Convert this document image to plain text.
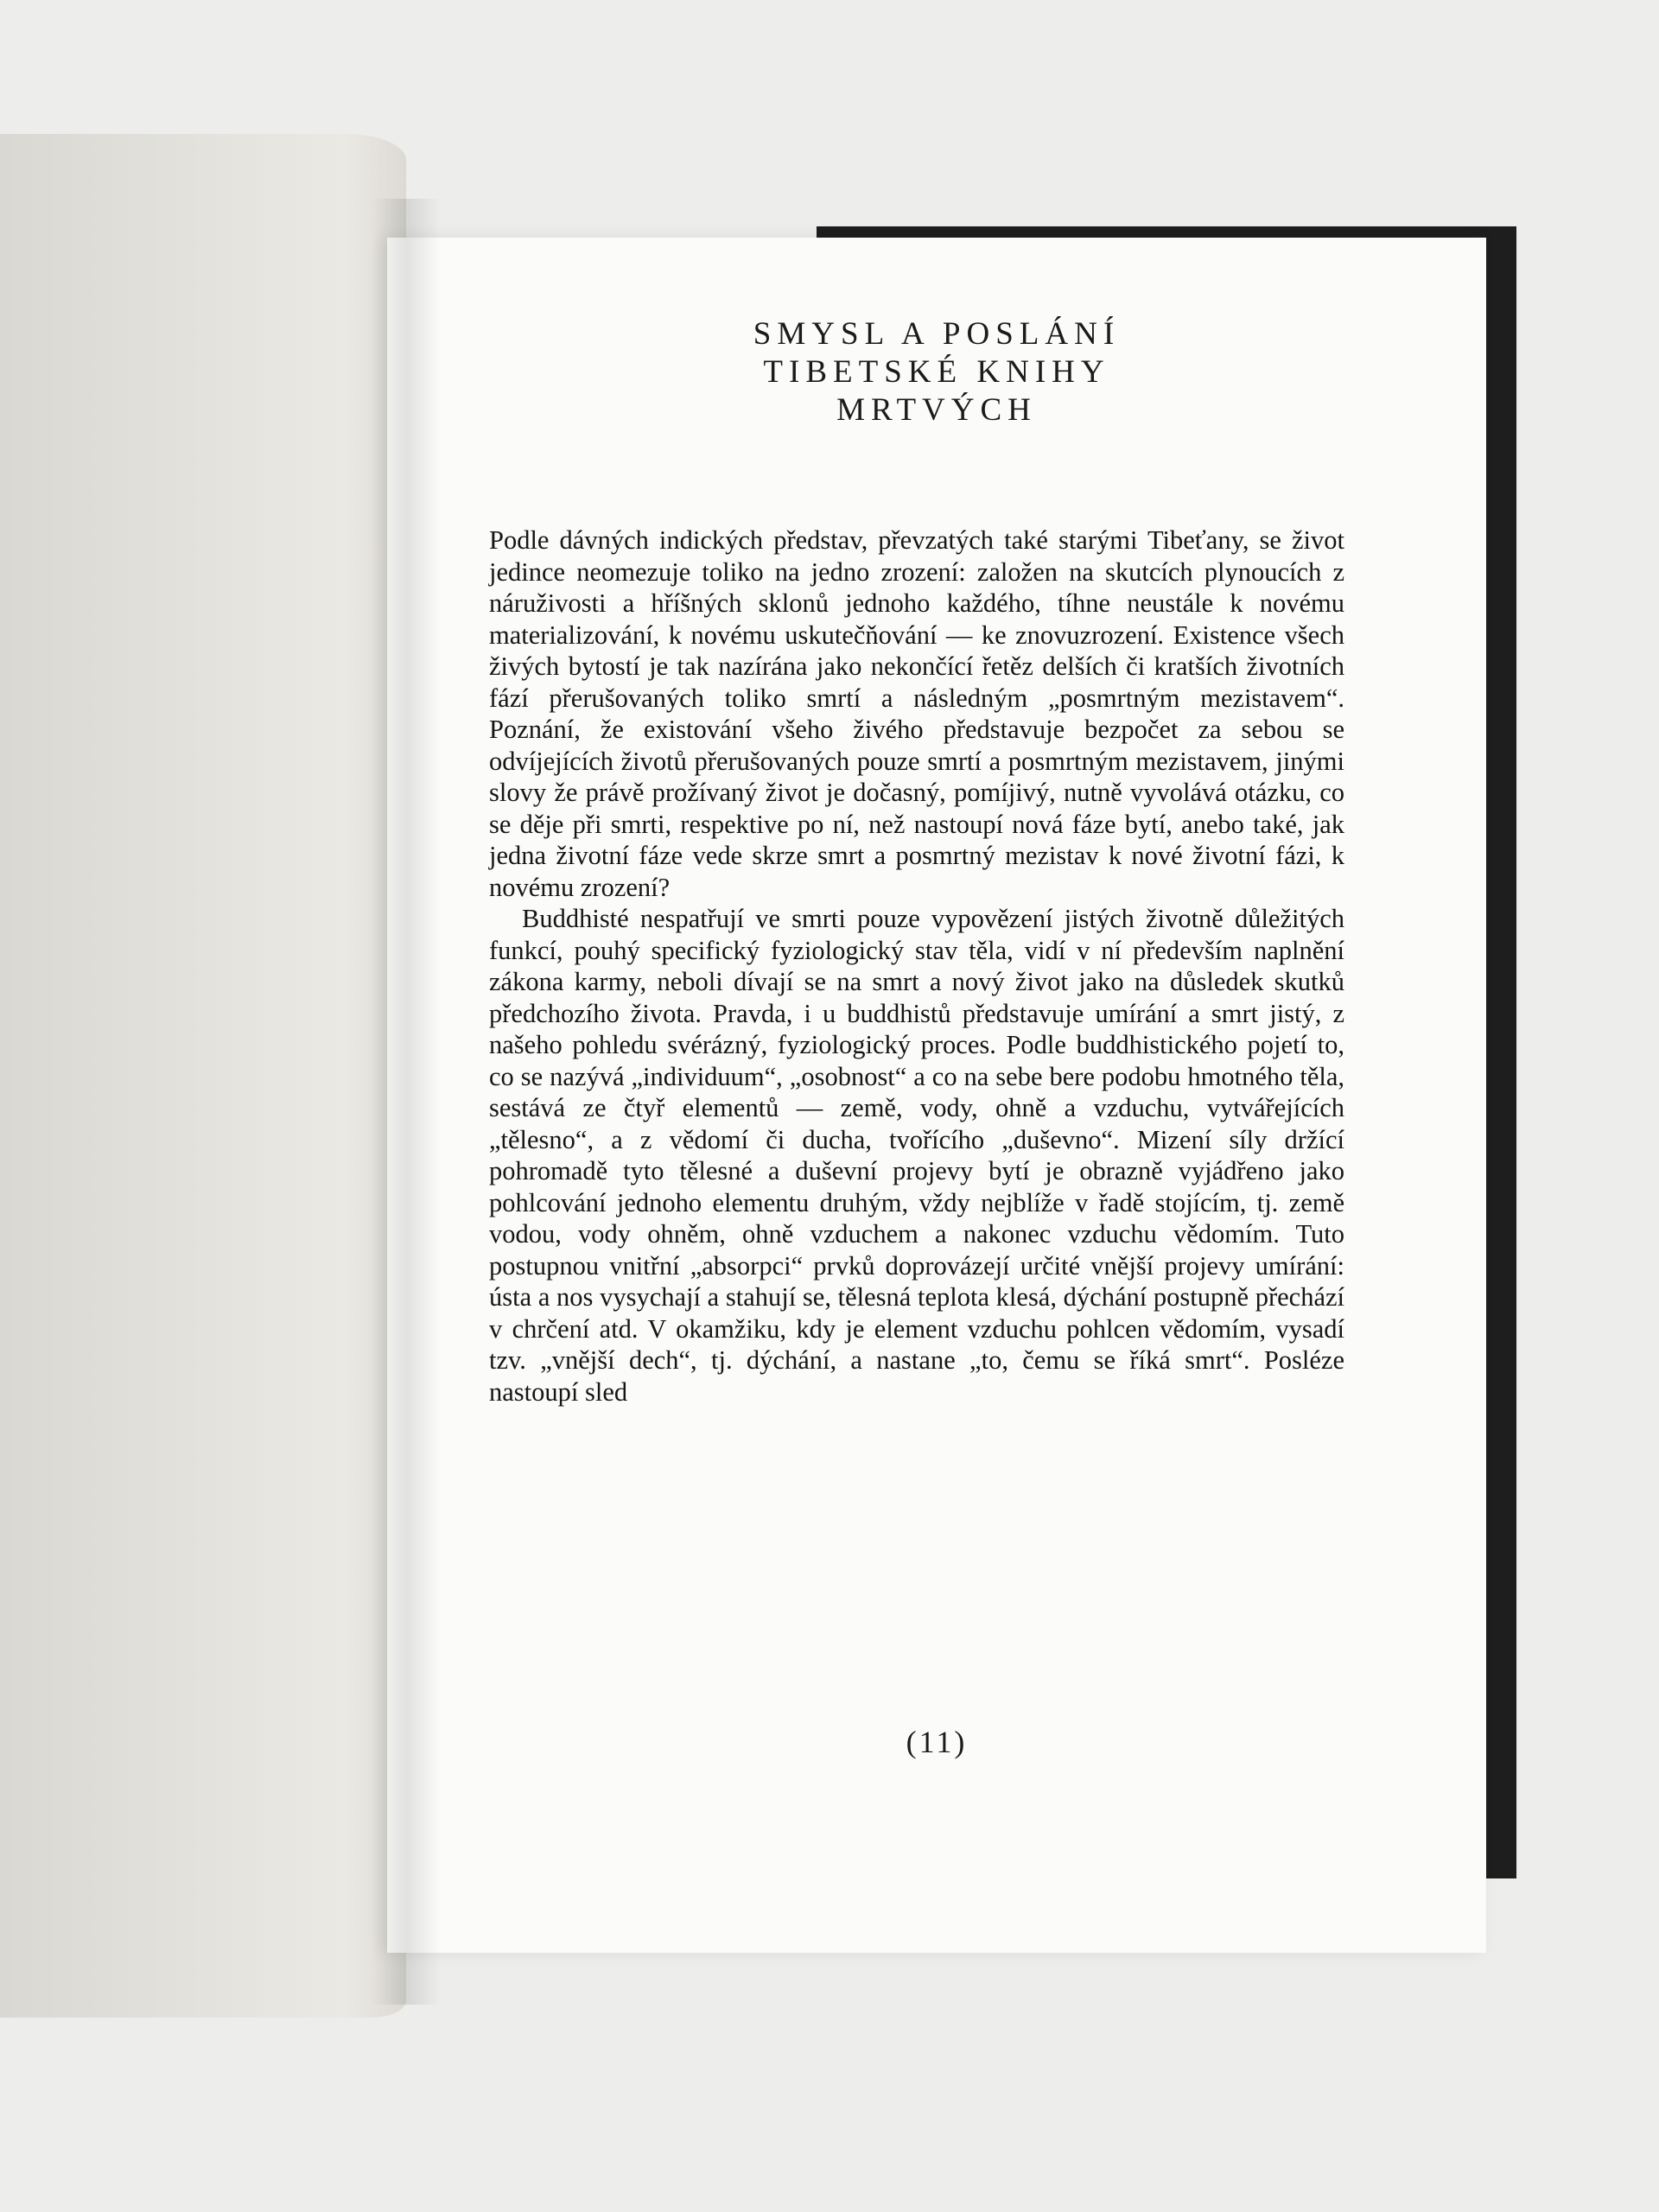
SMYSL A POSLÁNÍ
TIBETSKÉ KNIHY
MRTVÝCH

Podle dávných indických představ, převzatých také starými Tibeťany, se život jedince neomezuje toliko na jedno zrození: založen na skutcích plynoucích z náruživosti a hříšných sklonů jednoho každého, tíhne neustále k novému materializování, k novému uskutečňování — ke znovuzrození. Existence všech živých bytostí je tak nazírána jako nekončící řetěz delších či kratších životních fází přerušovaných toliko smrtí a následným „posmrtným mezistavem“. Poznání, že existování všeho živého představuje bezpočet za sebou se odvíjejících životů přerušovaných pouze smrtí a posmrtným mezistavem, jinými slovy že právě prožívaný život je dočasný, pomíjivý, nutně vyvolává otázku, co se děje při smrti, respektive po ní, než nastoupí nová fáze bytí, anebo také, jak jedna životní fáze vede skrze smrt a posmrtný mezistav k nové životní fázi, k novému zrození?

Buddhisté nespatřují ve smrti pouze vypovězení jistých životně důležitých funkcí, pouhý specifický fyziologický stav těla, vidí v ní především naplnění zákona karmy, neboli dívají se na smrt a nový život jako na důsledek skutků předchozího života. Pravda, i u buddhistů představuje umírání a smrt jistý, z našeho pohledu svérázný, fyziologický proces. Podle buddhistického pojetí to, co se nazývá „individuum“, „osobnost“ a co na sebe bere podobu hmotného těla, sestává ze čtyř elementů — země, vody, ohně a vzduchu, vytvářejících „tělesno“, a z vědomí či ducha, tvořícího „duševno“. Mizení síly držící pohromadě tyto tělesné a duševní projevy bytí je obrazně vyjádřeno jako pohlcování jednoho elementu druhým, vždy nejblíže v řadě stojícím, tj. země vodou, vody ohněm, ohně vzduchem a nakonec vzduchu vědomím. Tuto postupnou vnitřní „absorpci“ prvků doprovázejí určité vnější projevy umírání: ústa a nos vysychají a stahují se, tělesná teplota klesá, dýchání postupně přechází v chrčení atd. V okamžiku, kdy je element vzduchu pohlcen vědomím, vysadí tzv. „vnější dech“, tj. dýchání, a nastane „to, čemu se říká smrt“. Posléze nastoupí sled

(11)
